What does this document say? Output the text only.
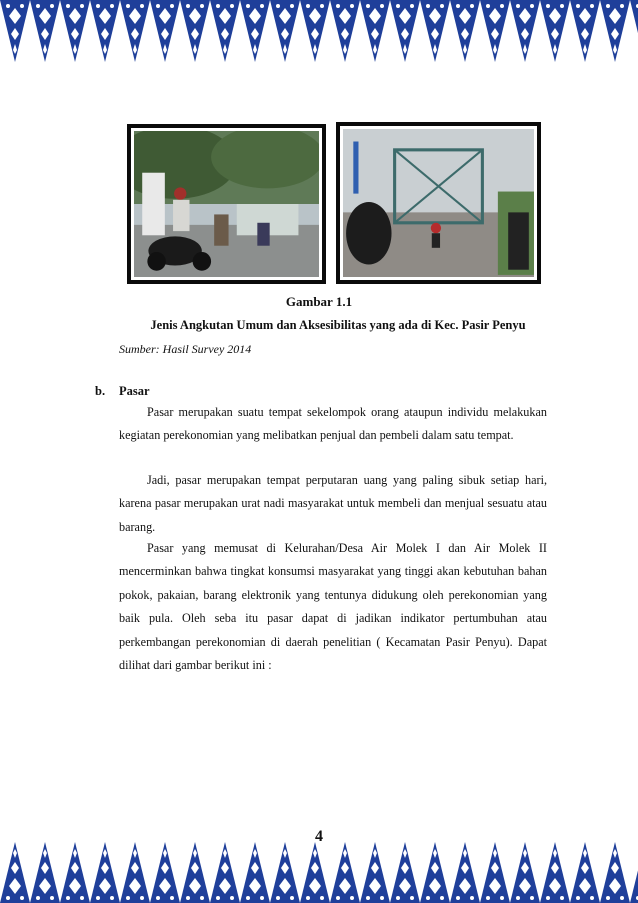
Gambar 1.1
Jenis Angkutan Umum dan Aksesibilitas yang ada di Kec. Pasir Penyu
Sumber: Hasil Survey 2014
b. Pasar

Pasar merupakan suatu tempat sekelompok orang ataupun individu melakukan kegiatan perekonomian yang melibatkan penjual dan pembeli dalam satu tempat.

Jadi, pasar merupakan tempat perputaran uang yang paling sibuk setiap hari, karena pasar merupakan urat nadi masyarakat untuk membeli dan menjual sesuatu atau barang.

Pasar yang memusat di Kelurahan/Desa Air Molek I dan Air Molek II mencerminkan bahwa tingkat konsumsi masyarakat yang tinggi akan kebutuhan bahan pokok, pakaian, barang elektronik yang tentunya didukung oleh perekonomian yang baik pula. Oleh seba itu pasar dapat di jadikan indikator pertumbuhan atau perkembangan perekonomian di daerah penelitian ( Kecamatan Pasir Penyu). Dapat dilihat dari gambar berikut ini :

4
